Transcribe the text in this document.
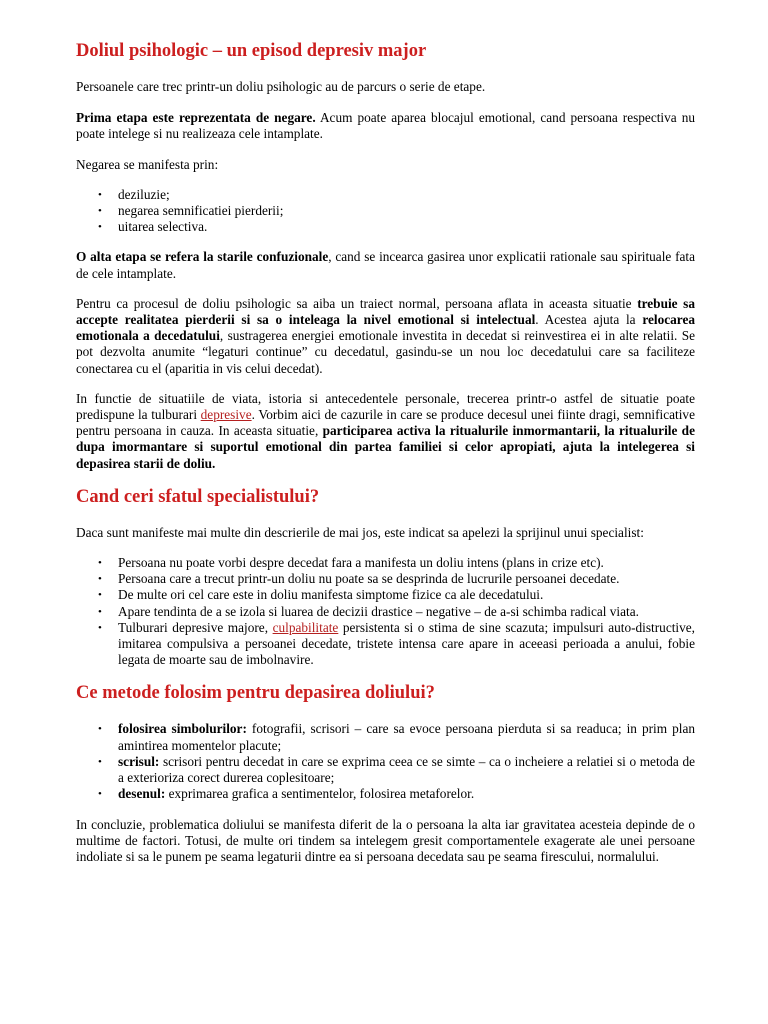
Doliul psihologic – un episod depresiv major

Persoanele care trec printr-un doliu psihologic au de parcurs o serie de etape.

Prima etapa este reprezentata de negare. Acum poate aparea blocajul emotional, cand persoana respectiva nu poate intelege si nu realizeaza cele intamplate.

Negarea se manifesta prin:

• deziluzie;
• negarea semnificatiei pierderii;
• uitarea selectiva.

O alta etapa se refera la starile confuzionale, cand se incearca gasirea unor explicatii rationale sau spirituale fata de cele intamplate.

Pentru ca procesul de doliu psihologic sa aiba un traiect normal, persoana aflata in aceasta situatie trebuie sa accepte realitatea pierderii si sa o inteleaga la nivel emotional si intelectual. Acestea ajuta la relocarea emotionala a decedatului, sustragerea energiei emotionale investita in decedat si reinvestirea ei in alte relatii. Se pot dezvolta anumite “legaturi continue” cu decedatul, gasindu-se un nou loc decedatului care sa faciliteze conectarea cu el (aparitia in vis celui decedat).

In functie de situatiile de viata, istoria si antecedentele personale, trecerea printr-o astfel de situatie poate predispune la tulburari depresive. Vorbim aici de cazurile in care se produce decesul unei fiinte dragi, semnificative pentru persoana in cauza. In aceasta situatie, participarea activa la ritualurile inmormantarii, la ritualurile de dupa imormantare si suportul emotional din partea familiei si celor apropiati, ajuta la intelegerea si depasirea starii de doliu.

Cand ceri sfatul specialistului?

Daca sunt manifeste mai multe din descrierile de mai jos, este indicat sa apelezi la sprijinul unui specialist:

• Persoana nu poate vorbi despre decedat fara a manifesta un doliu intens (plans in crize etc).
• Persoana care a trecut printr-un doliu nu poate sa se desprinda de lucrurile persoanei decedate.
• De multe ori cel care este in doliu manifesta simptome fizice ca ale decedatului.
• Apare tendinta de a se izola si luarea de decizii drastice – negative – de a-si schimba radical viata.
• Tulburari depresive majore, culpabilitate persistenta si o stima de sine scazuta; impulsuri auto-distructive, imitarea compulsiva a persoanei decedate, tristete intensa care apare in aceeasi perioada a anului, fobie legata de moarte sau de imbolnavire.
Ce metode folosim pentru depasirea doliului?
• folosirea simbolurilor: fotografii, scrisori – care sa evoce persoana pierduta si sa readuca; in prim plan amintirea momentelor placute;
• scrisul: scrisori pentru decedat in care se exprima ceea ce se simte – ca o incheiere a relatiei si o metoda de a exterioriza corect durerea coplesitoare;
• desenul: exprimarea grafica a sentimentelor, folosirea metaforelor.

In concluzie, problematica doliului se manifesta diferit de la o persoana la alta iar gravitatea acesteia depinde de o multime de factori. Totusi, de multe ori tindem sa intelegem gresit comportamentele exagerate ale unei persoane indoliate si sa le punem pe seama legaturii dintre ea si persoana decedata sau pe seama firescului, normalului.
